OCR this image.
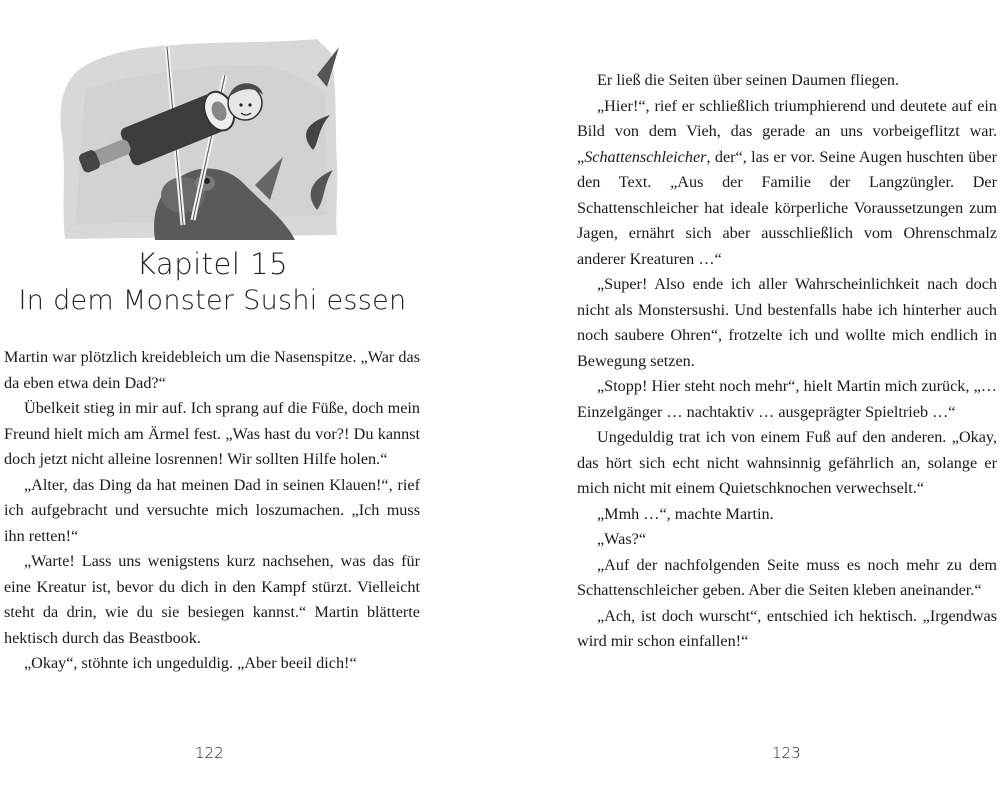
Kapitel 15
In dem Monster Sushi essen

Martin war plötzlich kreidebleich um die Nasenspitze. „War das da eben etwa dein Dad?“

Übelkeit stieg in mir auf. Ich sprang auf die Füße, doch mein Freund hielt mich am Ärmel fest. „Was hast du vor?! Du kannst doch jetzt nicht alleine losrennen! Wir sollten Hilfe holen.“

„Alter, das Ding da hat meinen Dad in seinen Klauen!“, rief ich aufgebracht und versuchte mich loszumachen. „Ich muss ihn retten!“

„Warte! Lass uns wenigstens kurz nachsehen, was das für eine Kreatur ist, bevor du dich in den Kampf stürzt. Vielleicht steht da drin, wie du sie besiegen kannst.“ Martin blätterte hektisch durch das Beastbook.

„Okay“, stöhnte ich ungeduldig. „Aber beeil dich!“

122

Er ließ die Seiten über seinen Daumen fliegen.

„Hier!“, rief er schließlich triumphierend und deutete auf ein Bild von dem Vieh, das gerade an uns vorbeigeflitzt war. „Schattenschleicher, der“, las er vor. Seine Augen huschten über den Text. „Aus der Familie der Langzüngler. Der Schattenschleicher hat ideale körperliche Voraussetzungen zum Jagen, ernährt sich aber ausschließlich vom Ohrenschmalz anderer Kreaturen …“

„Super! Also ende ich aller Wahrscheinlichkeit nach doch nicht als Monstersushi. Und bestenfalls habe ich hinterher auch noch saubere Ohren“, frotzelte ich und wollte mich endlich in Bewegung setzen.

„Stopp! Hier steht noch mehr“, hielt Martin mich zurück, „… Einzelgänger … nachtaktiv … ausgeprägter Spieltrieb …“

Ungeduldig trat ich von einem Fuß auf den anderen. „Okay, das hört sich echt nicht wahnsinnig gefährlich an, solange er mich nicht mit einem Quietschknochen verwechselt.“

„Mmh …“, machte Martin.

„Was?“

„Auf der nachfolgenden Seite muss es noch mehr zu dem Schattenschleicher geben. Aber die Seiten kleben aneinander.“

„Ach, ist doch wurscht“, entschied ich hektisch. „Irgendwas wird mir schon einfallen!“

123
